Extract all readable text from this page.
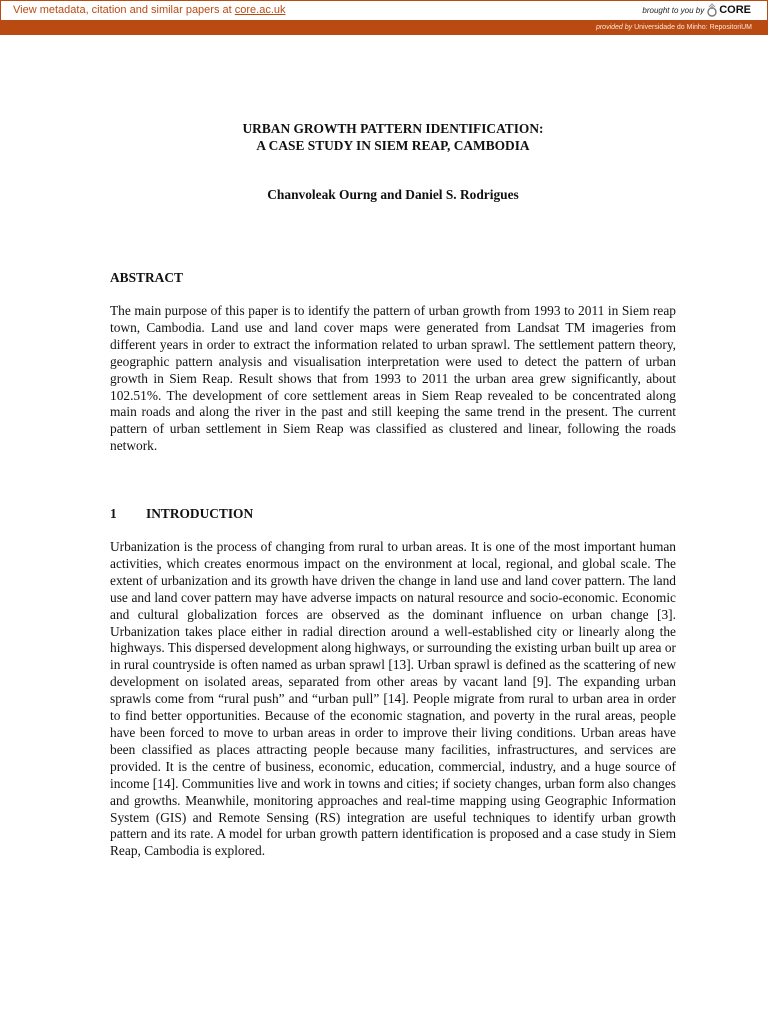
View metadata, citation and similar papers at core.ac.uk	brought to you by CORE
provided by Universidade do Minho: RepositoriUM
URBAN GROWTH PATTERN IDENTIFICATION:
A CASE STUDY IN SIEM REAP, CAMBODIA
Chanvoleak Ourng and Daniel S. Rodrigues
ABSTRACT

The main purpose of this paper is to identify the pattern of urban growth from 1993 to 2011 in Siem reap town, Cambodia. Land use and land cover maps were generated from Landsat TM imageries from different years in order to extract the information related to urban sprawl. The settlement pattern theory, geographic pattern analysis and visualisation interpretation were used to detect the pattern of urban growth in Siem Reap. Result shows that from 1993 to 2011 the urban area grew significantly, about 102.51%. The development of core settlement areas in Siem Reap revealed to be concentrated along main roads and along the river in the past and still keeping the same trend in the present. The current pattern of urban settlement in Siem Reap was classified as clustered and linear, following the roads network.

1 INTRODUCTION

Urbanization is the process of changing from rural to urban areas. It is one of the most important human activities, which creates enormous impact on the environment at local, regional, and global scale. The extent of urbanization and its growth have driven the change in land use and land cover pattern. The land use and land cover pattern may have adverse impacts on natural resource and socio-economic. Economic and cultural globalization forces are observed as the dominant influence on urban change [3]. Urbanization takes place either in radial direction around a well-established city or linearly along the highways. This dispersed development along highways, or surrounding the existing urban built up area or in rural countryside is often named as urban sprawl [13]. Urban sprawl is defined as the scattering of new development on isolated areas, separated from other areas by vacant land [9]. The expanding urban sprawls come from “rural push” and “urban pull” [14]. People migrate from rural to urban area in order to find better opportunities. Because of the economic stagnation, and poverty in the rural areas, people have been forced to move to urban areas in order to improve their living conditions. Urban areas have been classified as places attracting people because many facilities, infrastructures, and services are provided. It is the centre of business, economic, education, commercial, industry, and a huge source of income [14]. Communities live and work in towns and cities; if society changes, urban form also changes and growths. Meanwhile, monitoring approaches and real-time mapping using Geographic Information System (GIS) and Remote Sensing (RS) integration are useful techniques to identify urban growth pattern and its rate. A model for urban growth pattern identification is proposed and a case study in Siem Reap, Cambodia is explored.
